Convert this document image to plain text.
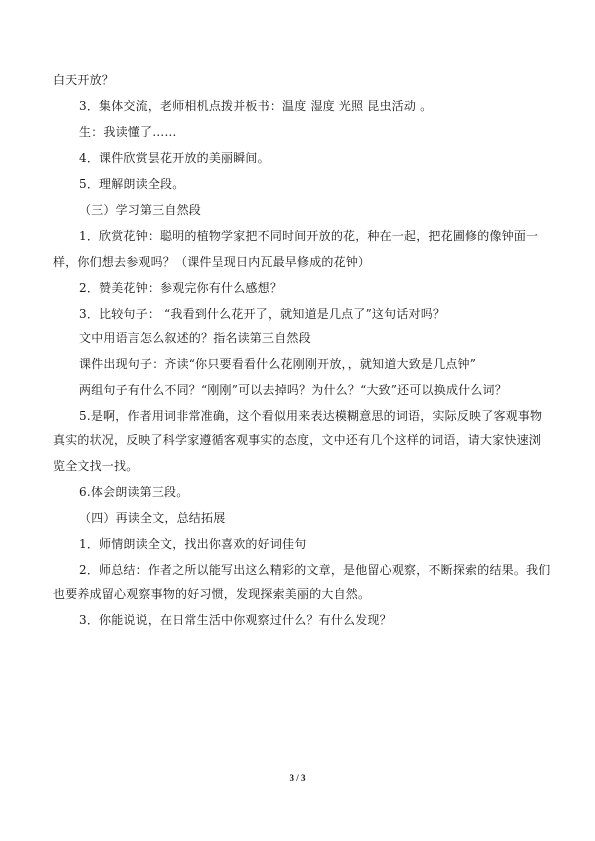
白天开放？
3．集体交流，老师相机点拨并板书：温度 湿度 光照 昆虫活动 。
生：我读懂了……
4．课件欣赏昙花开放的美丽瞬间。
5．理解朗读全段。
（三）学习第三自然段
1．欣赏花钟：聪明的植物学家把不同时间开放的花，种在一起，把花圃修的像钟面一
样，你们想去参观吗？（课件呈现日内瓦最早修成的花钟）
2．赞美花钟：参观完你有什么感想？
3．比较句子： “我看到什么花开了，就知道是几点了”这句话对吗？
文中用语言怎么叙述的？指名读第三自然段
课件出现句子：齐读“你只要看看什么花刚刚开放，，就知道大致是几点钟”
两组句子有什么不同？“刚刚”可以去掉吗？为什么？“大致”还可以换成什么词？
5.是啊，作者用词非常准确，这个看似用来表达模糊意思的词语，实际反映了客观事物
真实的状况，反映了科学家遵循客观事实的态度，文中还有几个这样的词语，请大家快速浏
览全文找一找。
6.体会朗读第三段。
（四）再读全文，总结拓展
1．师情朗读全文，找出你喜欢的好词佳句
2．师总结：作者之所以能写出这么精彩的文章，是他留心观察，不断探索的结果。我们
也要养成留心观察事物的好习惯，发现探索美丽的大自然。
3．你能说说，在日常生活中你观察过什么？有什么发现？
3 / 3
